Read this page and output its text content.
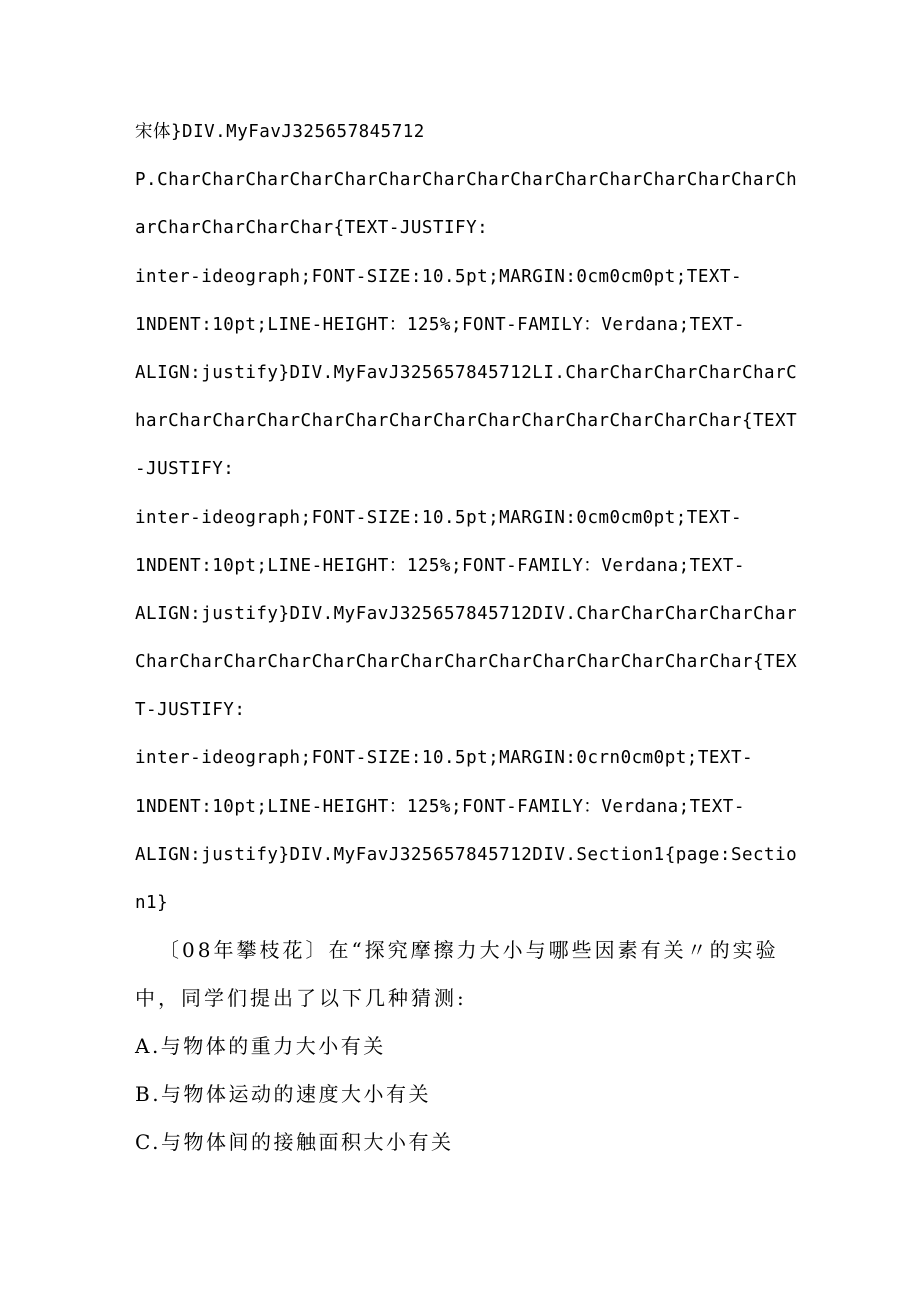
宋体}DIV.MyFavJ325657845712
P.CharCharCharCharCharCharCharCharCharCharCharCharCharCharCh
arCharCharCharChar{TEXT-JUSTIFY:
inter-ideograph;FONT-SIZE:10.5pt;MARGIN:0cm0cm0pt;TEXT-
1NDENT:10pt;LINE-HEIGHT：125%;FONT-FAMILY：Verdana;TEXT-
ALIGN:justify}DIV.MyFavJ325657845712LI.CharCharCharCharCharC
harCharCharCharCharCharCharCharCharCharCharCharCharChar{TEXT
-JUSTIFY:
inter-ideograph;FONT-SIZE:10.5pt;MARGIN:0cm0cm0pt;TEXT-
1NDENT:10pt;LINE-HEIGHT：125%;FONT-FAMILY：Verdana;TEXT-
ALIGN:justify}DIV.MyFavJ325657845712DIV.CharCharCharCharChar
CharCharCharCharCharCharCharCharCharCharCharCharCharChar{TEX
T-JUSTIFY:
inter-ideograph;FONT-SIZE:10.5pt;MARGIN:0crn0cm0pt;TEXT-
1NDENT:10pt;LINE-HEIGHT：125%;FONT-FAMILY：Verdana;TEXT-
ALIGN:justify}DIV.MyFavJ325657845712DIV.Section1{page:Sectio
n1}
〔08年攀枝花〕在“探究摩擦力大小与哪些因素有关〃的实验
中，同学们提出了以下几种猜测:
A.与物体的重力大小有关
B.与物体运动的速度大小有关
C.与物体间的接触面积大小有关
